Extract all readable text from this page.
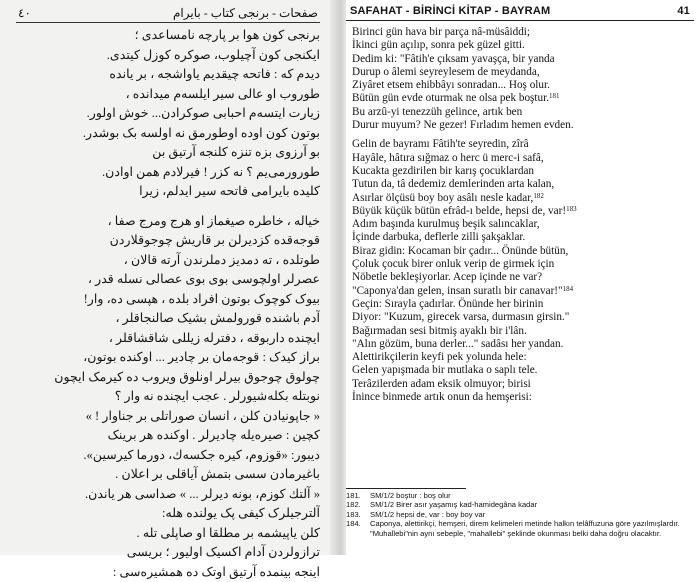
صفحات - برنجی کتاب - بایرام
٤٠
برنجی کون هوا بر پارچه نامساعدی ؛
ایکنجی کون آچیلوب، صوکره کوزل کیتدی.
دیدم که : فاتحه چیقدیم یاواشجه ، بر یانده
طوروب او عالی سیر ایلسه‌م میدانده ،
زیارت ایتسه‌م احبابی صوکرادن... خوش اولور.
بوتون کون اوده اوطورمق نه اولسه بک بوشدر.
بو آرزوی بزه تنزه کلنجه آرتیق بن
طورورمی‌یم ؟ نه کزر ! فیرلادم همن اوادن.
کلیده بایرامی فاتحه سیر ایدلم، زیرا
خیاله ، خاطره صیغماز او هرج ومرج صفا ،
قوجه‌قده کزدیرلن بر قاریش چوجوقلاردن
طوتلده ، ته دمدیز دملرندن آرته قالان ،
عصرلر اولچوسی بوی بوی عصالی نسله قدر ،
بیوک کوچوک بوتون افراد بلده ، هپسی ده، وار!
آدم باشنده قورولمش بشیک صالنجاقلر ،
ایچنده داربوقه ، دفترله زیللی شاقشاقلر ،
براز کیدک : قوجه‌مان بر چادیر ... اوکنده بوتون،
چولوق چوجوق بیرلر اونلوق ویروب ده کیرمک ایچون
نوبتله بکله‌شیورلر . عجب ایچنده نه وار ؟
« جاپونیادن کلن ، انسان صوراتلی بر جناوار ! »
کچین : صیره‌یله چادیرلر . اوکنده هر برینک
دیبور: «قوزوم، کیره جکسه‌ك، دورما کیرسین».
باغیرمادن سسی بتمش آیاقلی بر اعلان .
« آلتك کوزم، بونه دیرلر ... » صداسی هر یاندن.
آلترجیلرک کیفی پک یولنده هله:
کلن یاپیشمه بر مطلقا او صاپلی تله .
ترازولردن آدام اکسیک اولیور ؛ بریسی
اینجه بینمده آرتیق اوتک ده همشیره‌سی :
SAFAHAT - BİRİNCİ KİTAP - BAYRAM	41
Birinci gün hava bir parça nâ-müsâiddi;
İkinci gün açılıp, sonra pek güzel gitti.
Dedim ki: "Fâtih'e çıksam yavaşça, bir yanda
Durup o âlemi seyreylesem de meydanda,
Ziyâret etsem ehibbâyı sonradan... Hoş olur.
Bütün gün evde oturmak ne olsa pek boştur.$^{181}$
Bu arzû-yi tenezzüh gelince, artık ben
Durur muyum? Ne gezer! Fırladım hemen evden.
Gelin de bayramı Fâtih'te seyredin, zîrâ
Hayâle, hâtıra sığmaz o herc ü merc-i safâ,
Kucakta gezdirilen bir karış çocuklardan
Tutun da, tâ dedemiz demlerinden arta kalan,
Asırlar ölçüsü boy boy asâlı nesle kadar,$^{182}$
Büyük küçük bütün efrâd-ı belde, hepsi de, var!$^{183}$
Adım başında kurulmuş beşik salıncaklar,
İçinde darbuka, deflerle zilli şakşaklar.
Biraz gidin: Kocaman bir çadır... Önünde bütün,
Çoluk çocuk birer onluk verip de girmek için
Nöbetle bekleşiyorlar. Acep içinde ne var?
"Caponya'dan gelen, insan suratlı bir canavar!"$^{184}$
Geçin: Sırayla çadırlar. Önünde her birinin
Diyor: "Kuzum, girecek varsa, durmasın girsin."
Bağırmadan sesi bitmiş ayaklı bir i'lân.
"Alın gözüm, buna derler..." sadâsı her yandan.
Alettirikçilerin keyfi pek yolunda hele:
Gelen yapışmada bir mutlaka o saplı tele.
Terâzilerden adam eksik olmuyor; birisi
İnince binmede artık onun da hemşerisi:
181.	SM/1/2 boştur : boş olur
182.	SM/1/2 Birer asır yaşamış kad-hamidegâna kadar
183.	SM/1/2 hepsi de, var : boy boy var
184.	Caponya, alettirikçi, hemşeri, direm kelimeleri metinde halkın telâffuzuna göre yazılmışlardır. "Muhallebi"nin aynı sebeple, "mahallebi" şeklinde okunması belki daha doğru olacaktır.
